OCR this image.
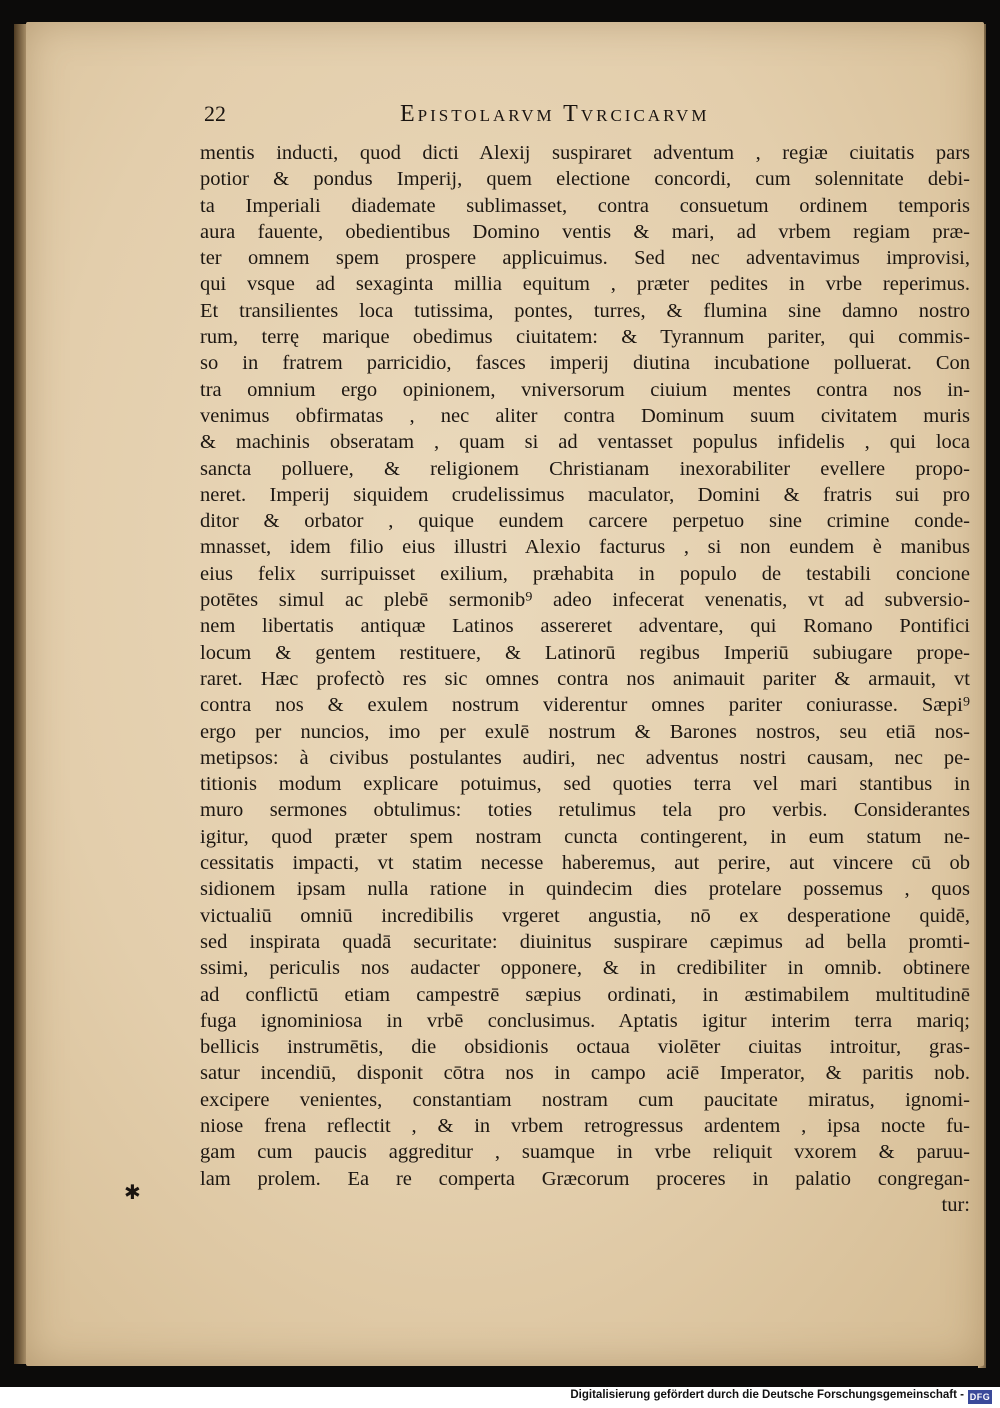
22	Epistolarvm Tvrcicarvm
mentis inducti, quod dicti Alexij suspiraret adventum , regiæ ciuitatis pars
potior & pondus Imperij, quem electione concordi, cum solennitate debi-
ta Imperiali diademate sublimasset, contra consuetum ordinem temporis
aura fauente, obedientibus Domino ventis & mari, ad vrbem regiam præ-
ter omnem spem prospere applicuimus. Sed nec adventavimus improvisi,
qui vsque ad sexaginta millia equitum , præter pedites in vrbe reperimus.
Et transilientes loca tutissima, pontes, turres, & flumina sine damno nostro
rum, terrę marique obedimus ciuitatem: & Tyrannum pariter, qui commis-
so in fratrem parricidio, fasces imperij diutina incubatione polluerat. Con
tra omnium ergo opinionem, vniversorum ciuium mentes contra nos in-
venimus obfirmatas , nec aliter contra Dominum suum civitatem muris
& machinis obseratam , quam si ad ventasset populus infidelis , qui loca
sancta polluere, & religionem Christianam inexorabiliter evellere propo-
neret. Imperij siquidem crudelissimus maculator, Domini & fratris sui pro
ditor & orbator , quique eundem carcere perpetuo sine crimine conde-
mnasset, idem filio eius illustri Alexio facturus , si non eundem è manibus
eius felix surripuisset exilium, præhabita in populo de testabili concione
potētes simul ac plebē sermonib⁹ adeo infecerat venenatis, vt ad subversio-
nem libertatis antiquæ Latinos assereret adventare, qui Romano Pontifici
locum & gentem restituere, & Latinorū regibus Imperiū subiugare prope-
raret. Hæc profectò res sic omnes contra nos animauit pariter & armauit, vt
contra nos & exulem nostrum viderentur omnes pariter coniurasse. Sæpi⁹
ergo per nuncios, imo per exulē nostrum & Barones nostros, seu etiā nos-
metipsos: à civibus postulantes audiri, nec adventus nostri causam, nec pe-
titionis modum explicare potuimus, sed quoties terra vel mari stantibus in
muro sermones obtulimus: toties retulimus tela pro verbis. Considerantes
igitur, quod præter spem nostram cuncta contingerent, in eum statum ne-
cessitatis impacti, vt statim necesse haberemus, aut perire, aut vincere cū ob
sidionem ipsam nulla ratione in quindecim dies protelare possemus , quos
victualiū omniū incredibilis vrgeret angustia, nō ex desperatione quidē,
sed inspirata quadā securitate: diuinitus suspirare cæpimus ad bella promti-
ssimi, periculis nos audacter opponere, & in credibiliter in omnib. obtinere
ad conflictū etiam campestrē sæpius ordinati, in æstimabilem multitudinē
fuga ignominiosa in vrbē conclusimus. Aptatis igitur interim terra mariq;
bellicis instrumētis, die obsidionis octaua violēter ciuitas introitur, gras-
satur incendiū, disponit cōtra nos in campo aciē Imperator, & paritis nob.
excipere venientes, constantiam nostram cum paucitate miratus, ignomi-
niose frena reflectit , & in vrbem retrogressus ardentem , ipsa nocte fu-
gam cum paucis aggreditur , suamque in vrbe reliquit vxorem & paruu-
lam prolem. Ea re comperta Græcorum proceres in palatio congregan-
tur:
✱
Digitalisierung gefördert durch die Deutsche Forschungsgemeinschaft - DFG
